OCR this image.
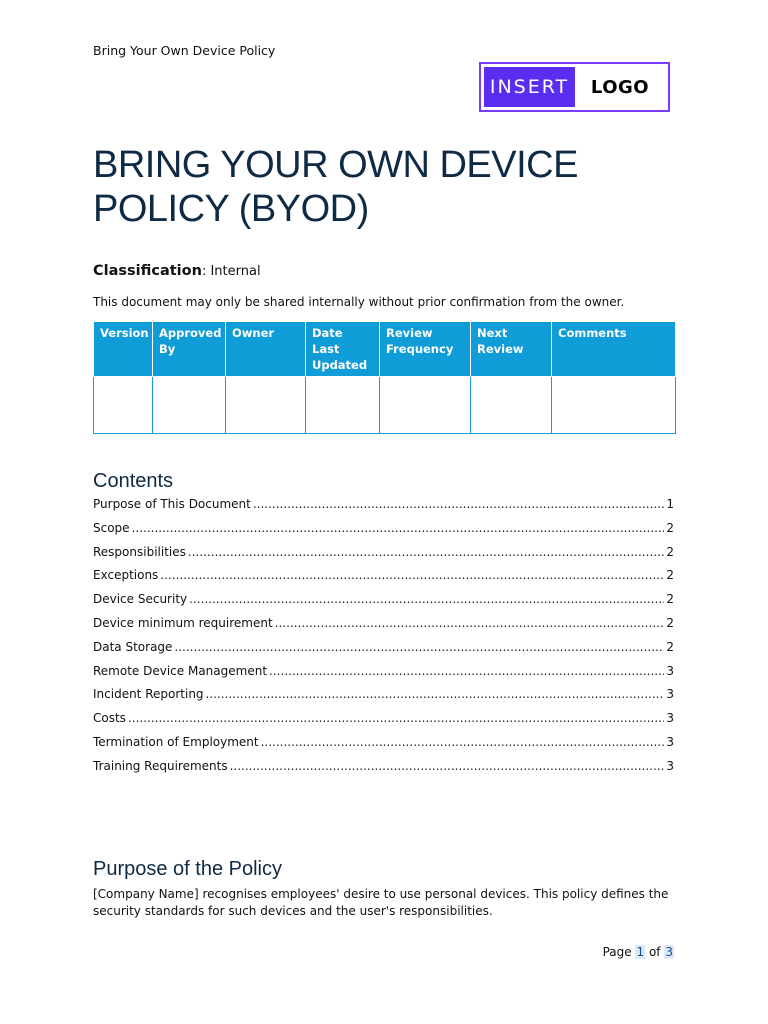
Bring Your Own Device Policy
INSERT	LOGO
BRING YOUR OWN DEVICE POLICY (BYOD)
Classification: Internal
This document may only be shared internally without prior confirmation from the owner.
Version	Approved By	Owner	Date Last Updated	Review Frequency	Next Review	Comments

Contents
Purpose of This Document .....	1
Scope .....	2
Responsibilities .....	2
Exceptions .....	2
Device Security .....	2
Device minimum requirement .....	2
Data Storage .....	2
Remote Device Management .....	3
Incident Reporting .....	3
Costs .....	3
Termination of Employment .....	3
Training Requirements .....	3
Purpose of the Policy

[Company Name] recognises employees' desire to use personal devices. This policy defines the security standards for such devices and the user's responsibilities.

Page 1 of 3
